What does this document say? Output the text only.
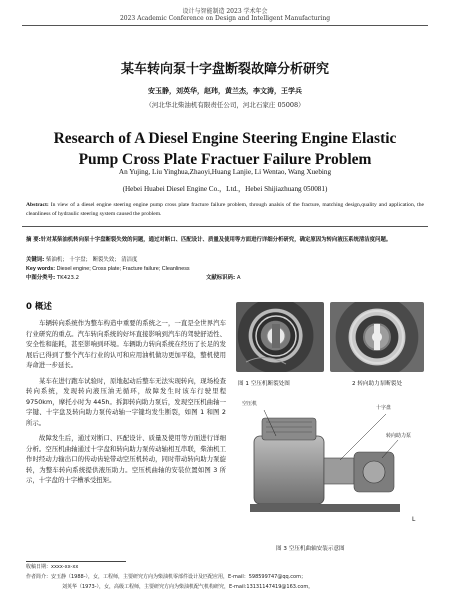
设计与智能制造 2023 学术年会
2023 Academic Conference on Design and Intelligent Manufacturing
某车转向泵十字盘断裂故障分析研究
安玉静，刘英华，赵玮，黄兰杰，李文涛，王学兵
（河北华北柴油机有限责任公司，河北石家庄 05008）
Research of A Diesel Engine Steering Engine Elastic
Pump Cross Plate Fractuer Failure Problem
An Yujing, Liu Yinghua,Zhaoyi,Huang Lanjie, Li Wentao, Wang Xuebing
(Hebei Huabei Diesel Engine Co.，Ltd.，Hebei Shijiazhuang 050081)
Abstract: In view of a diesel engine steering engine pump cross plate fracture failure problem, through analsis of the fracture, matching design,quality and application, the cleanliness of hydraulic steering system caused the problem.
摘 要:针对某柴油机转向泵十字盘断裂失效的问题，通过对断口、匹配设计、质量及使用等方面进行详细分析研究，确定原因为转向液压系统清洁度问题。
关键词: 柴油机； 十字盘； 断裂失效； 清洁度
Key words: Diesel engine; Cross plate; Fracture failure; Cleanliness
中图分类号: TK423.2	文献标识码: A
0 概述

车辆转向系统作为整车构造中重要的系统之一，一直是全世界汽车行业研究的重点。汽车转向系统的好坏直接影响到汽车的驾驶舒适性、安全性和能耗，甚至影响到环境。车辆助力转向系统在经历了长足的发展后已得到了整个汽车行业的认可和应用油机做功更加平稳，整机使用寿命进一步延长。

某车在进行跑车试验时，原地起动后整车无法实现转向，现场检查转向系统，发现转向液压油无循环，故障发生时该车行驶里程 9750km，摩托小时为 445h。拆卸转向助力泵后，发现空压机曲轴一字键、十字盘及转向助力泵传动轴一字键均发生断裂，如图 1 和图 2 所示。

故障发生后，通过对断口、匹配设计、质量及使用等方面进行详细分析。空压机曲轴通过十字盘和转向助力泵传动轴相互串联，柴油机工作时经动力输出口的传动齿轮带动空压机转动，同时带动转向助力泵旋转，为整车转向系统提供液压助力。空压机曲轴的安装位置如图 3 所示，十字盘的十字槽承受扭矩。

图 1 空压机断裂处图	2 转向助力泵断裂处
空压机
十字盘
转向助力泵
L
图 3 空压机曲轴安装示意图
收稿日期：xxxx-xx-xx
作者简介：安玉静（1988-），女，工程师，主要研究方向为柴油机零部件设计及匹配应用，E-mail：598599747@qq.com；
刘英华（1973-），女，高级工程师，主要研究方向为柴油机配气机构研究，E-mail:13131147419@163.com。
